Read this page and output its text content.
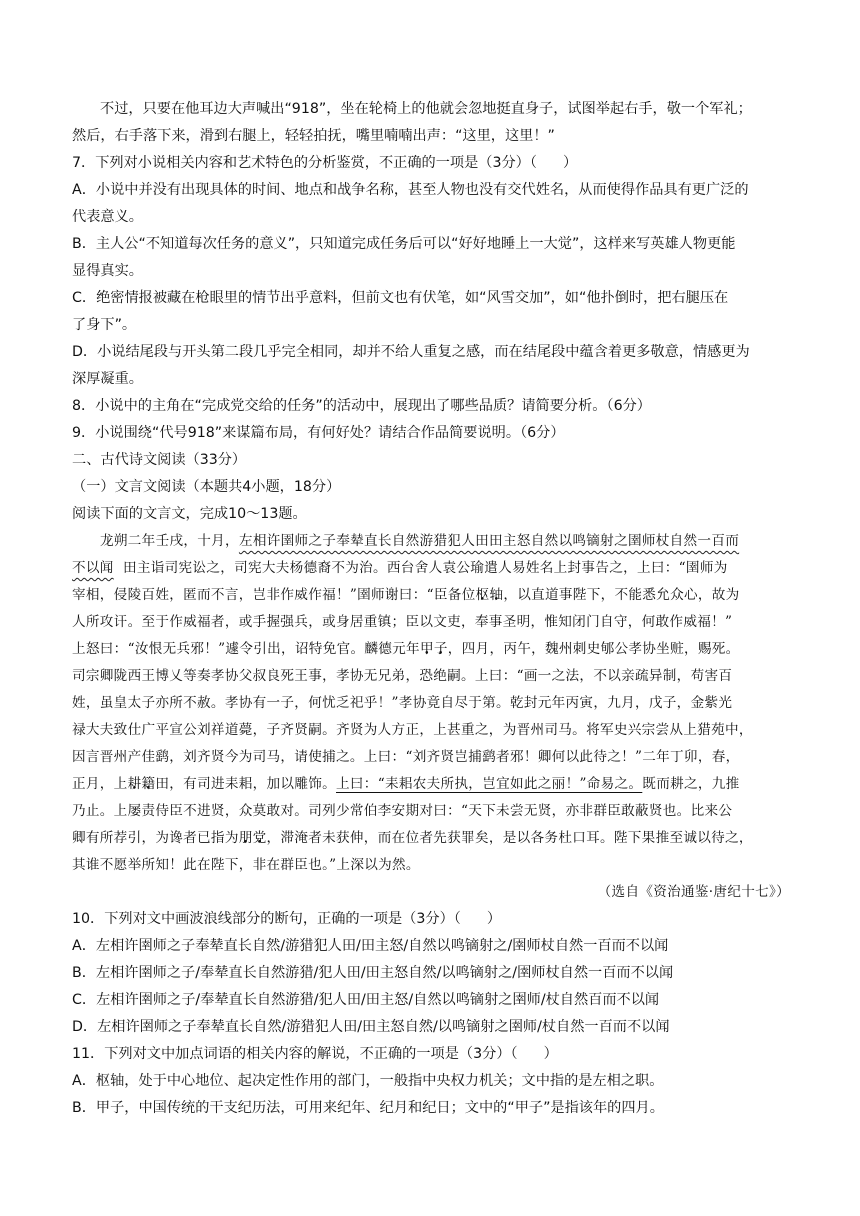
不过，只要在他耳边大声喊出“918”，坐在轮椅上的他就会忽地挺直身子，试图举起右手，敬一个军礼；
然后，右手落下来，滑到右腿上，轻轻拍抚，嘴里喃喃出声：“这里，这里！”
7．下列对小说相关内容和艺术特色的分析鉴赏，不正确的一项是（3分）（ ）
A．小说中并没有出现具体的时间、地点和战争名称，甚至人物也没有交代姓名，从而使得作品具有更广泛的
代表意义。
B．主人公“不知道每次任务的意义”，只知道完成任务后可以“好好地睡上一大觉”，这样来写英雄人物更能
显得真实。
C．绝密情报被藏在枪眼里的情节出乎意料，但前文也有伏笔，如“风雪交加”，如“他扑倒时，把右腿压在
了身下”。
D．小说结尾段与开头第二段几乎完全相同，却并不给人重复之感，而在结尾段中蕴含着更多敬意，情感更为
深厚凝重。
8．小说中的主角在“完成党交给的任务”的活动中，展现出了哪些品质？请简要分析。（6分）
9．小说围绕“代号918”来谋篇布局，有何好处？请结合作品简要说明。（6分）
二、古代诗文阅读（33分）
（一）文言文阅读（本题共4小题，18分）
阅读下面的文言文，完成10～13题。
龙朔二年壬戌，十月，左相许圉师之子奉辇直长自然游猎犯人田田主怒自然以鸣镝射之圉师杖自然一百而
不以闻 田主诣司宪讼之，司宪大夫杨德裔不为治。西台舍人袁公瑜遣人易姓名上封事告之，上曰：“圉师为
宰相，侵陵百姓，匿而不言，岂非作威作福！”圉师谢曰：“臣备位枢轴，以直道事陛下，不能悉允众心，故为
人所攻讦。至于作威福者，或手握强兵，或身居重镇；臣以文吏，奉事圣明，惟知闭门自守，何敢作威福！”
上怒曰：“汝恨无兵邪！”遽令引出，诏特免官。麟德元年甲子，四月，丙午，魏州刺史郇公孝协坐赃，赐死。
司宗卿陇西王博乂等奏孝协父叔良死王事，孝协无兄弟，恐绝嗣。上曰：“画一之法，不以亲疏异制，苟害百
姓，虽皇太子亦所不赦。孝协有一子，何忧乏祀乎！”孝协竟自尽于第。乾封元年丙寅，九月，戊子，金紫光
禄大夫致仕广平宣公刘祥道薨，子齐贤嗣。齐贤为人方正，上甚重之，为晋州司马。将军史兴宗尝从上猎苑中，
因言晋州产佳鹞，刘齐贤今为司马，请使捕之。上曰：“刘齐贤岂捕鹞者邪！卿何以此待之！”二年丁卯，春，
正月，上耕籍田，有司进耒耜，加以雕饰。上曰：“耒耜农夫所执，岂宜如此之丽！”命易之。既而耕之，九推
乃止。上屡责侍臣不进贤，众莫敢对。司列少常伯李安期对曰：“天下未尝无贤，亦非群臣敢蔽贤也。比来公
卿有所荐引，为谗者已指为朋党，滞淹者未获伸，而在位者先获罪矣，是以各务杜口耳。陛下果推至诚以待之，
其谁不愿举所知！此在陛下，非在群臣也。”上深以为然。
（选自《资治通鉴·唐纪十七》）
10．下列对文中画波浪线部分的断句，正确的一项是（3分）（ ）
A．左相许圉师之子奉辇直长自然/游猎犯人田/田主怒/自然以鸣镝射之/圉师杖自然一百而不以闻
B．左相许圉师之子/奉辇直长自然游猎/犯人田/田主怒自然/以鸣镝射之/圉师杖自然一百而不以闻
C．左相许圉师之子/奉辇直长自然游猎/犯人田/田主怒/自然以鸣镝射之圉师/杖自然百而不以闻
D．左相许圉师之子奉辇直长自然/游猎犯人田/田主怒自然/以鸣镝射之圉师/杖自然一百而不以闻
11．下列对文中加点词语的相关内容的解说，不正确的一项是（3分）（ ）
A．枢轴，处于中心地位、起决定性作用的部门，一般指中央权力机关；文中指的是左相之职。
B．甲子，中国传统的干支纪历法，可用来纪年、纪月和纪日；文中的“甲子”是指该年的四月。
